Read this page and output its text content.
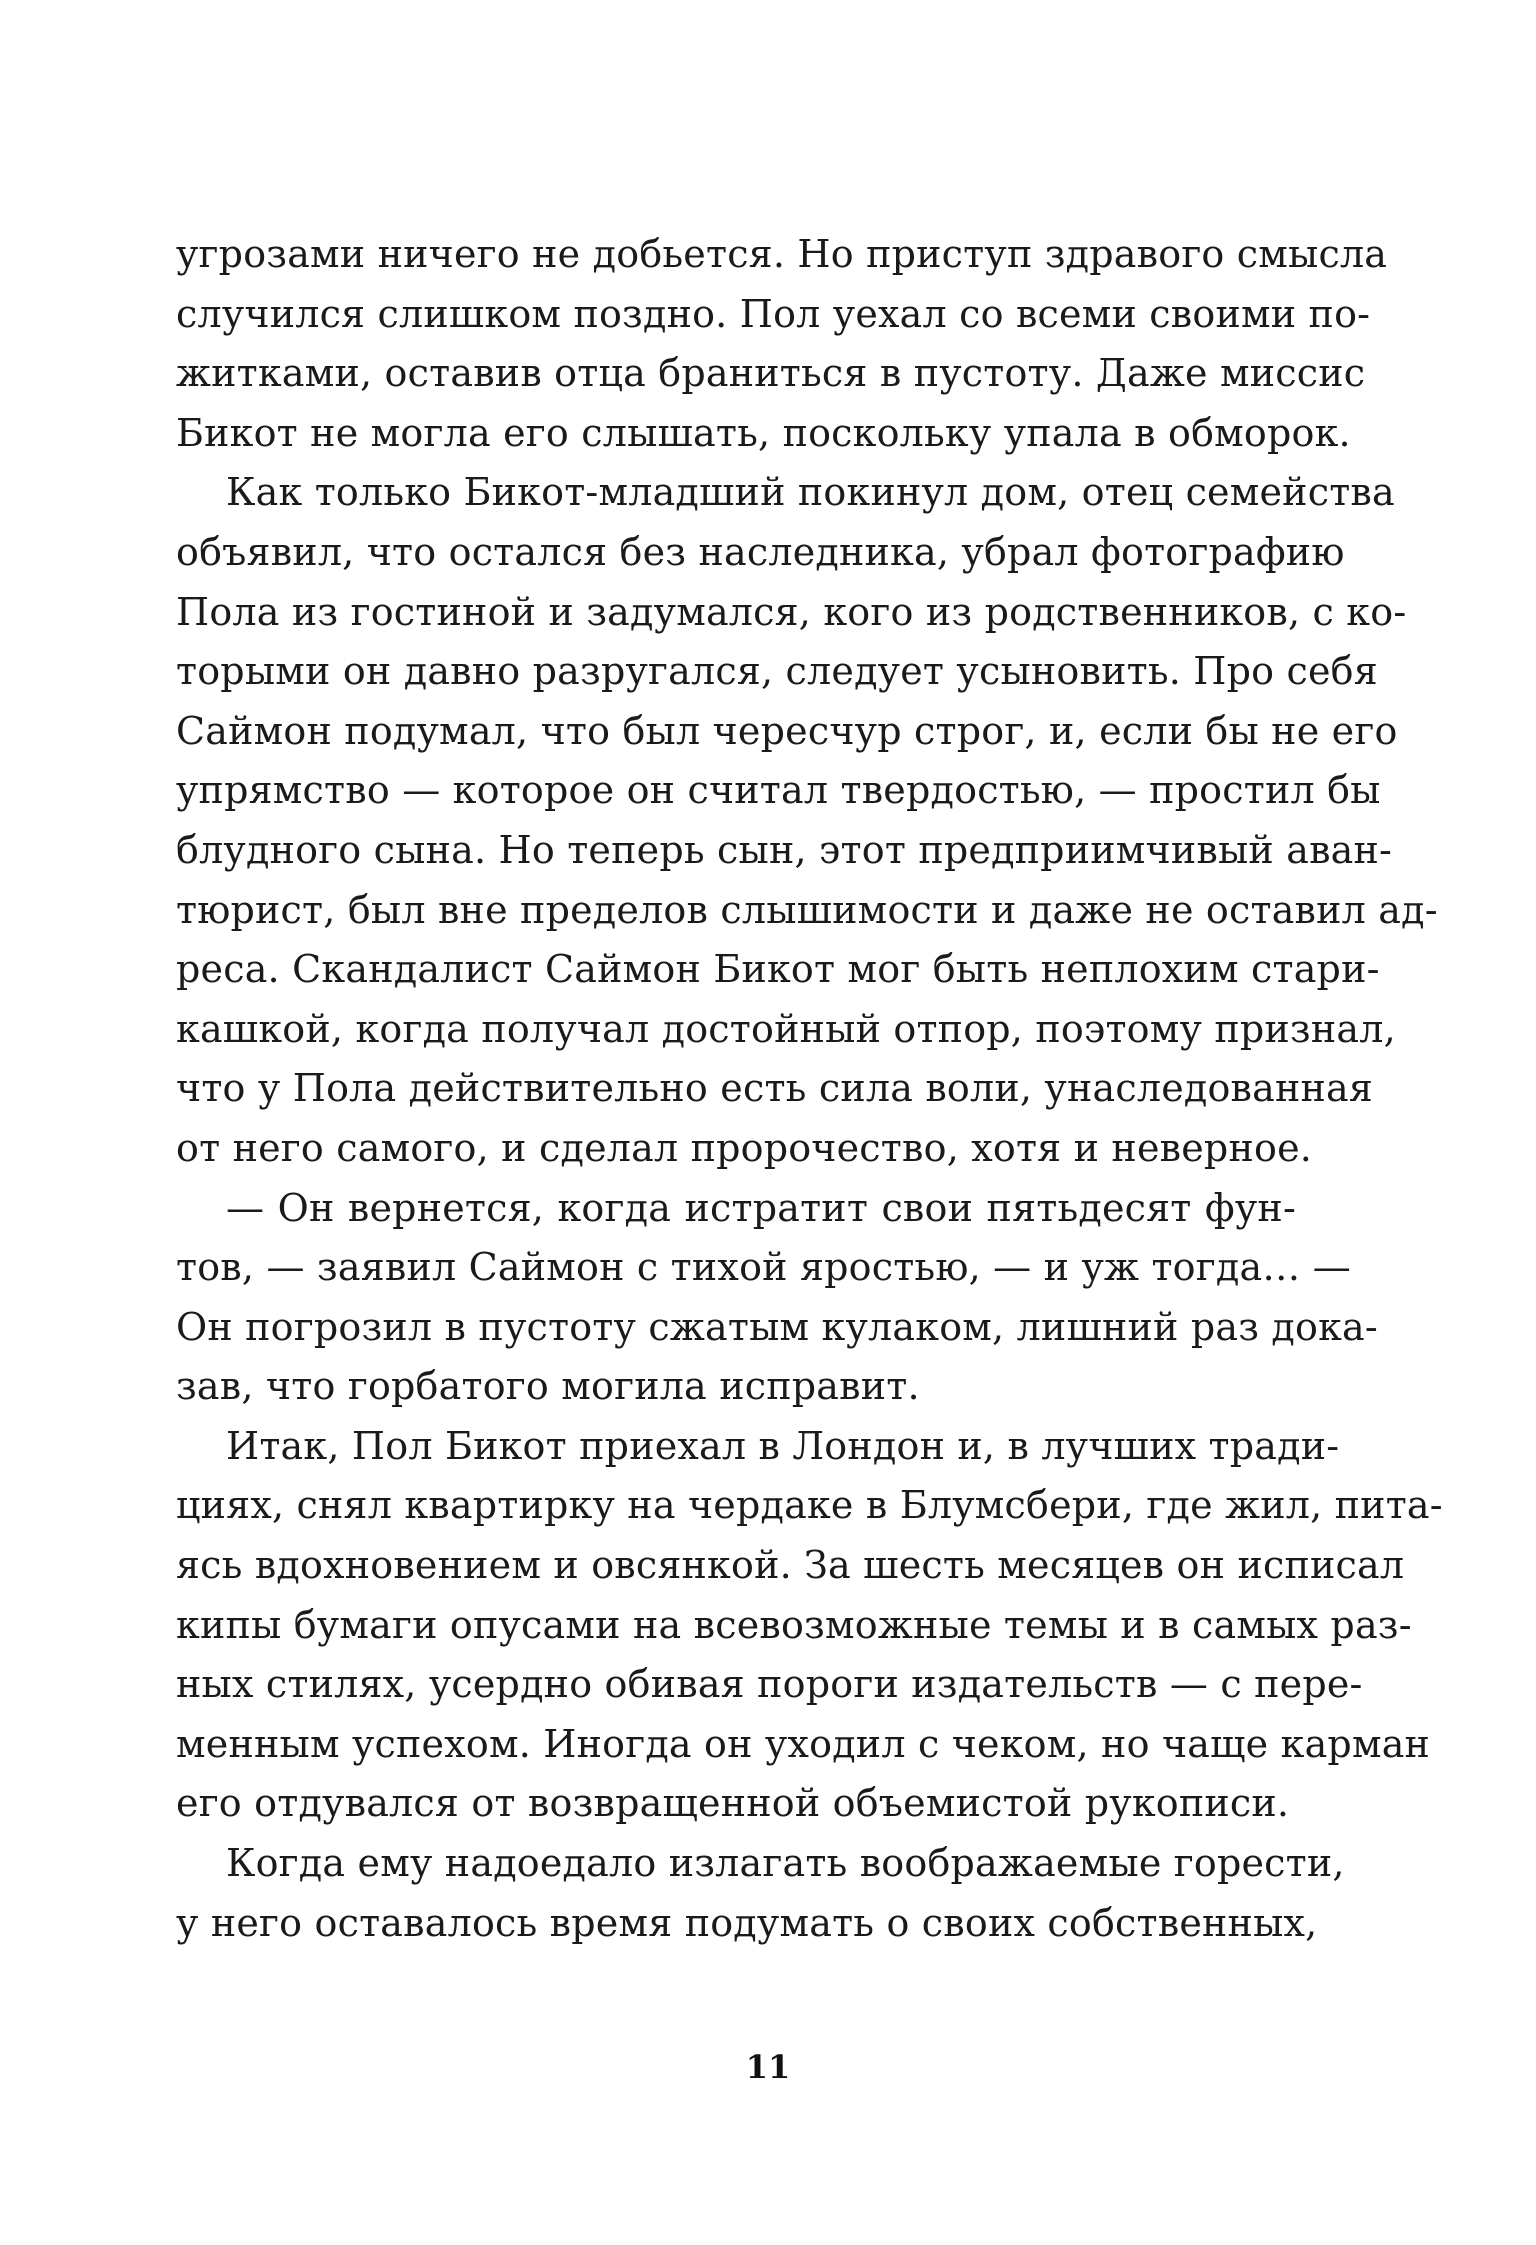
угрозами ничего не добьется. Но приступ здравого смысла
случился слишком поздно. Пол уехал со всеми своими по-
житками, оставив отца браниться в пустоту. Даже миссис
Бикот не могла его слышать, поскольку упала в обморок.
Как только Бикот-младший покинул дом, отец семейства
объявил, что остался без наследника, убрал фотографию
Пола из гостиной и задумался, кого из родственников, с ко-
торыми он давно разругался, следует усыновить. Про себя
Саймон подумал, что был чересчур строг, и, если бы не его
упрямство — которое он считал твердостью, — простил бы
блудного сына. Но теперь сын, этот предприимчивый аван-
тюрист, был вне пределов слышимости и даже не оставил ад-
реса. Скандалист Саймон Бикот мог быть неплохим стари-
кашкой, когда получал достойный отпор, поэтому признал,
что у Пола действительно есть сила воли, унаследованная
от него самого, и сделал пророчество, хотя и неверное.
— Он вернется, когда истратит свои пятьдесят фун-
тов, — заявил Саймон с тихой яростью, — и уж тогда… —
Он погрозил в пустоту сжатым кулаком, лишний раз дока-
зав, что горбатого могила исправит.
Итак, Пол Бикот приехал в Лондон и, в лучших тради-
циях, снял квартирку на чердаке в Блумсбери, где жил, пита-
ясь вдохновением и овсянкой. За шесть месяцев он исписал
кипы бумаги опусами на всевозможные темы и в самых раз-
ных стилях, усердно обивая пороги издательств — с пере-
менным успехом. Иногда он уходил с чеком, но чаще карман
его отдувался от возвращенной объемистой рукописи.
Когда ему надоедало излагать воображаемые горести,
у него оставалось время подумать о своих собственных,
11
